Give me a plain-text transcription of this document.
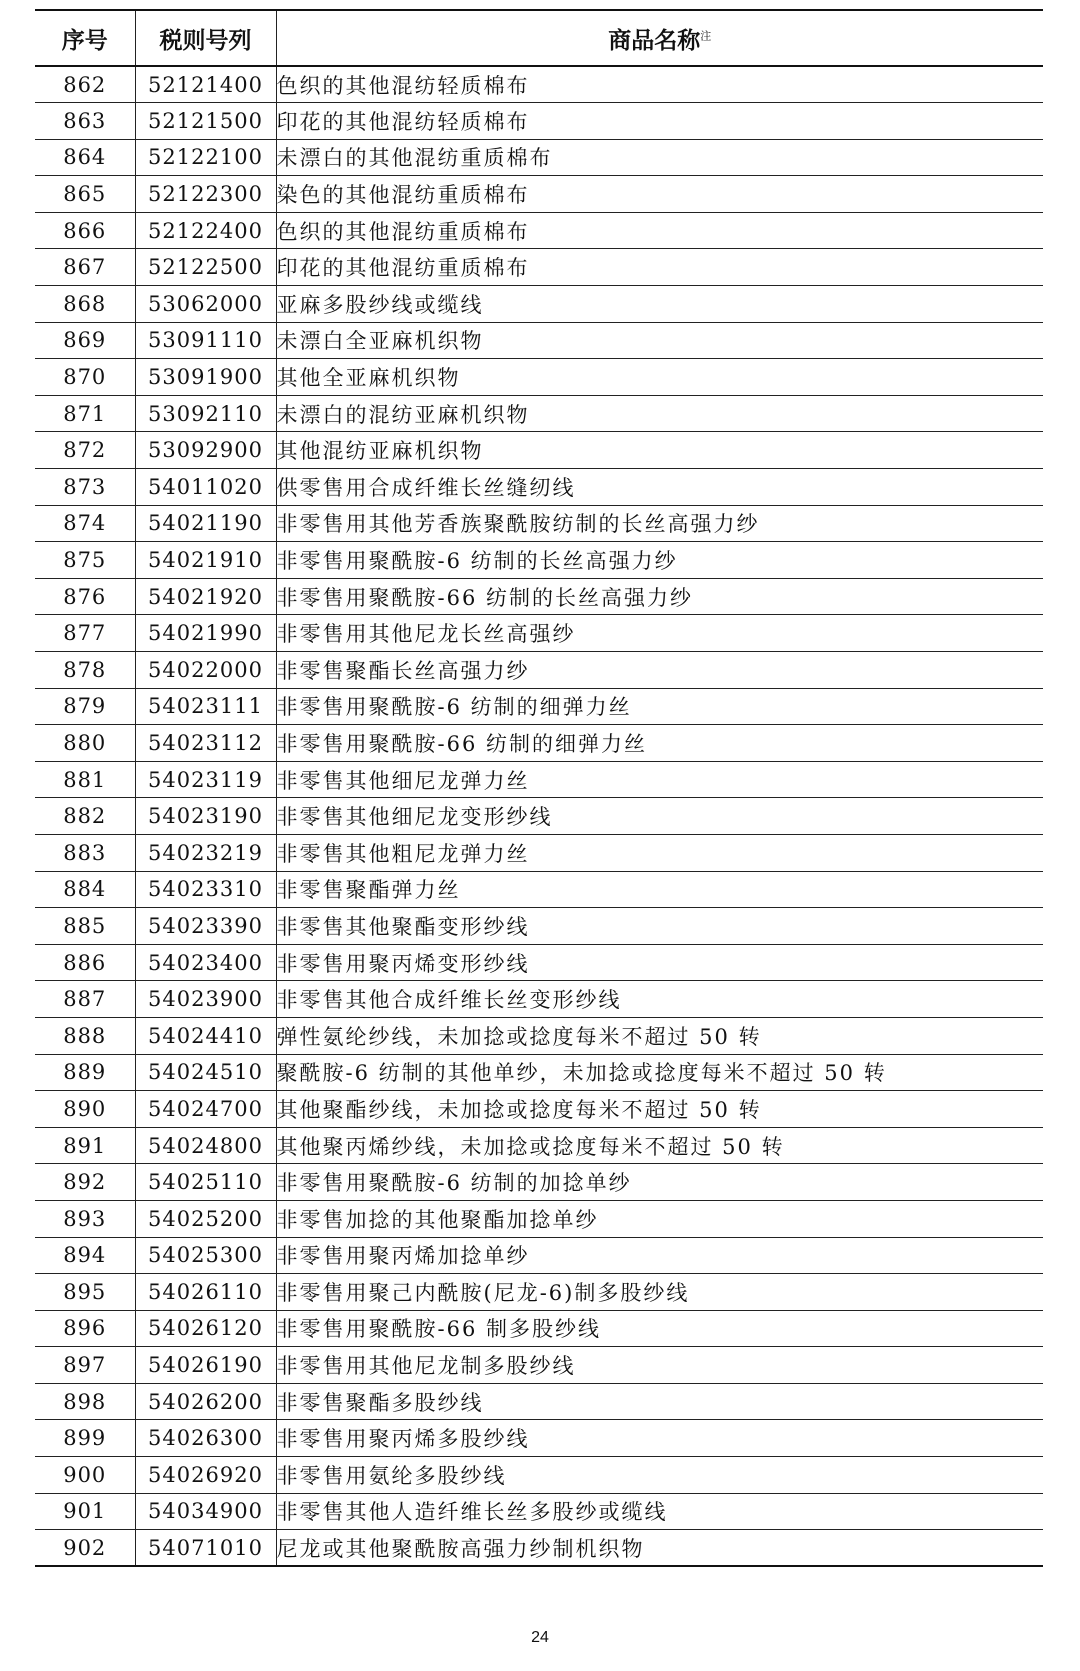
序号	税则号列	商品名称$^注$
862	52121400	色织的其他混纺轻质棉布
863	52121500	印花的其他混纺轻质棉布
864	52122100	未漂白的其他混纺重质棉布
865	52122300	染色的其他混纺重质棉布
866	52122400	色织的其他混纺重质棉布
867	52122500	印花的其他混纺重质棉布
868	53062000	亚麻多股纱线或缆线
869	53091110	未漂白全亚麻机织物
870	53091900	其他全亚麻机织物
871	53092110	未漂白的混纺亚麻机织物
872	53092900	其他混纺亚麻机织物
873	54011020	供零售用合成纤维长丝缝纫线
874	54021190	非零售用其他芳香族聚酰胺纺制的长丝高强力纱
875	54021910	非零售用聚酰胺-6 纺制的长丝高强力纱
876	54021920	非零售用聚酰胺-66 纺制的长丝高强力纱
877	54021990	非零售用其他尼龙长丝高强纱
878	54022000	非零售聚酯长丝高强力纱
879	54023111	非零售用聚酰胺-6 纺制的细弹力丝
880	54023112	非零售用聚酰胺-66 纺制的细弹力丝
881	54023119	非零售其他细尼龙弹力丝
882	54023190	非零售其他细尼龙变形纱线
883	54023219	非零售其他粗尼龙弹力丝
884	54023310	非零售聚酯弹力丝
885	54023390	非零售其他聚酯变形纱线
886	54023400	非零售用聚丙烯变形纱线
887	54023900	非零售其他合成纤维长丝变形纱线
888	54024410	弹性氨纶纱线，未加捻或捻度每米不超过 50 转
889	54024510	聚酰胺-6 纺制的其他单纱，未加捻或捻度每米不超过 50 转
890	54024700	其他聚酯纱线，未加捻或捻度每米不超过 50 转
891	54024800	其他聚丙烯纱线，未加捻或捻度每米不超过 50 转
892	54025110	非零售用聚酰胺-6 纺制的加捻单纱
893	54025200	非零售加捻的其他聚酯加捻单纱
894	54025300	非零售用聚丙烯加捻单纱
895	54026110	非零售用聚己内酰胺(尼龙-6)制多股纱线
896	54026120	非零售用聚酰胺-66 制多股纱线
897	54026190	非零售用其他尼龙制多股纱线
898	54026200	非零售聚酯多股纱线
899	54026300	非零售用聚丙烯多股纱线
900	54026920	非零售用氨纶多股纱线
901	54034900	非零售其他人造纤维长丝多股纱或缆线
902	54071010	尼龙或其他聚酰胺高强力纱制机织物
24
